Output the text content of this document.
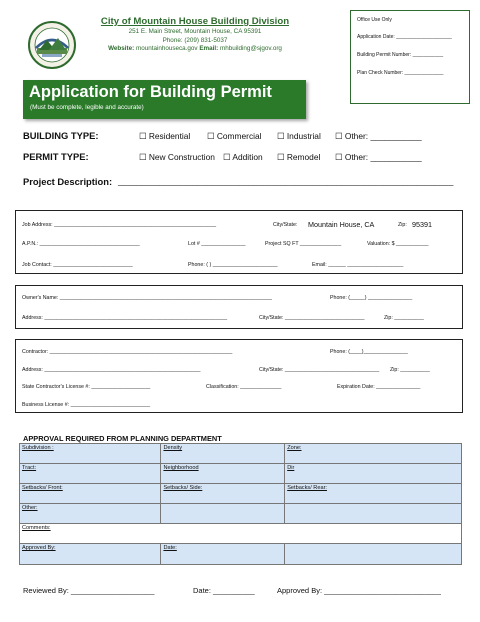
City of Mountain House Building Division
251 E. Main Street, Mountain House, CA 95391
Phone: (209) 831-5037
Website: mountainhouseca.gov Email: mhbuilding@sjgov.org
Office Use Only
Application Date: ____________________
Building Permit Number: ___________
Plan Check Number: ______________
Application for Building Permit
(Must be complete, legible and accurate)
BUILDING TYPE:	☐ Residential ☐ Commercial ☐ Industrial ☐ Other: ___________
PERMIT TYPE:	☐ New Construction ☐ Addition ☐ Remodel ☐ Other: ___________
Project Description: ________________________________________________________________________
Job Address: _______________________________________________________	City/State: Mountain House, CA	Zip: 95391
A.P.N.: __________________________________	Lot # _______________	Project SQ FT ______________	Valuation: $ ___________
Job Contact: ___________________________	Phone: ( ) ______________________	Email: ______ ___________________
Owner's Name: ________________________________________________________________________	Phone: (_____) _______________
Address: ______________________________________________________________	City/State: ___________________________	Zip: __________
Contractor: ______________________________________________________________	Phone: (____)_______________
Address: _____________________________________________________	City/State: ________________________________ Zip: __________
State Contractor's License #: ____________________	Classification: ______________	Expiration Date: _______________
Business License #: ___________________________
APPROVAL REQUIRED FROM PLANNING DEPARTMENT
Subdivision :	Density	Zone:
Tract:	Neighborhood	Dir
Setbacks/ Front:	Setbacks/ Side:	Setbacks/ Rear:
Other:		
Comments:		
Approved By:	Date:	
Reviewed By: ____________________	Date: __________	Approved By: ____________________________
